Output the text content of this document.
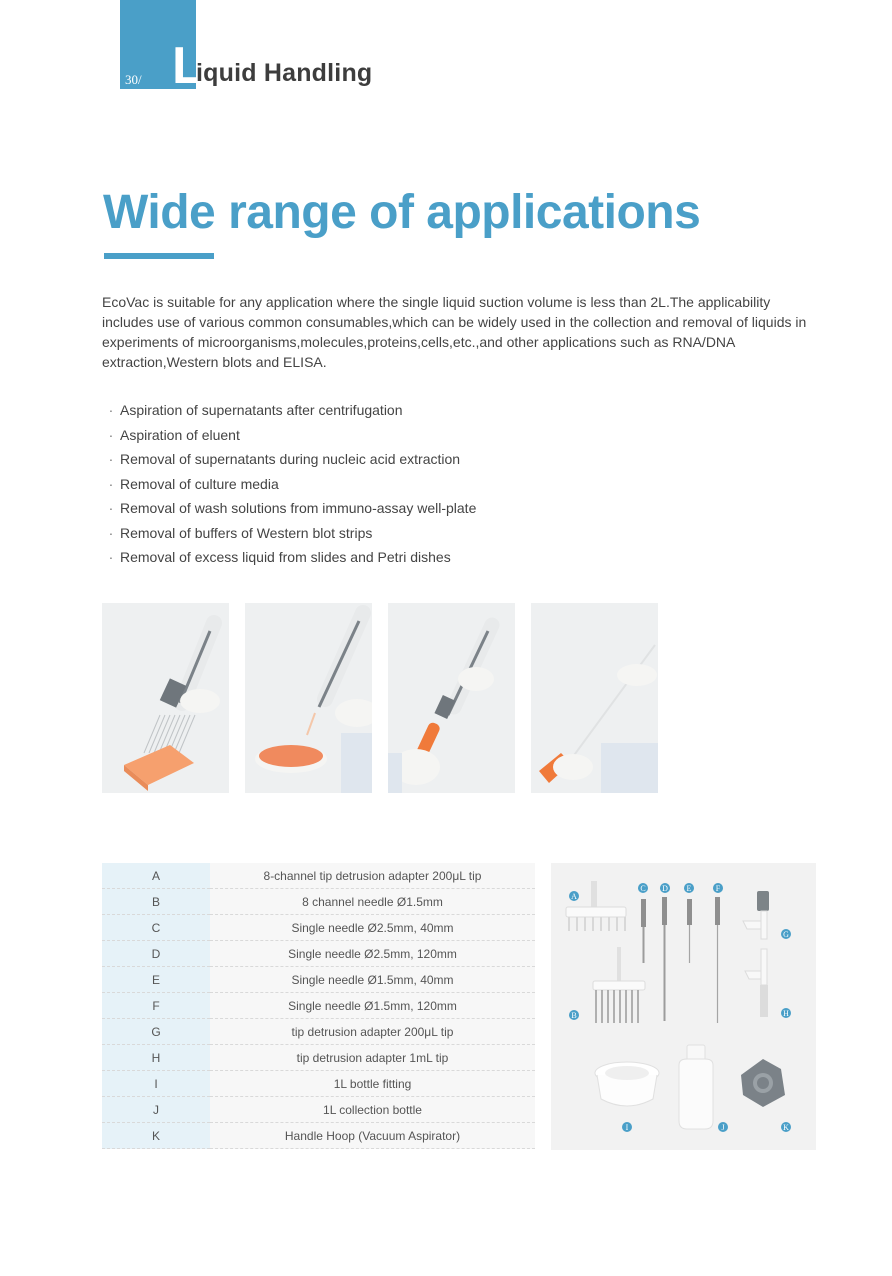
30/ L
iquid Handling
Wide range of applications
EcoVac is suitable for any application where the single liquid suction volume is less than 2L.The applicability includes use of various common consumables,which can be widely used in the collection and removal of liquids in experiments of microorganisms,molecules,proteins,cells,etc.,and other applications such as RNA/DNA extraction,Western blots and ELISA.
· Aspiration of supernatants after centrifugation
· Aspiration of eluent
· Removal of supernatants during nucleic acid extraction
· Removal of culture media
· Removal of wash solutions from immuno-assay well-plate
· Removal of buffers of Western blot strips
· Removal of excess liquid from slides and Petri dishes
A	8-channel tip detrusion adapter 200μL tip
B	8 channel needle Ø1.5mm
C	Single needle Ø2.5mm, 40mm
D	Single needle Ø2.5mm, 120mm
E	Single needle Ø1.5mm, 40mm
F	Single needle Ø1.5mm, 120mm
G	tip detrusion adapter 200μL tip
H	tip detrusion adapter 1mL tip
I	1L bottle fitting
J	1L collection bottle
K	Handle Hoop (Vacuum Aspirator)
A
B
C D E	F
G
H
I	J	K
